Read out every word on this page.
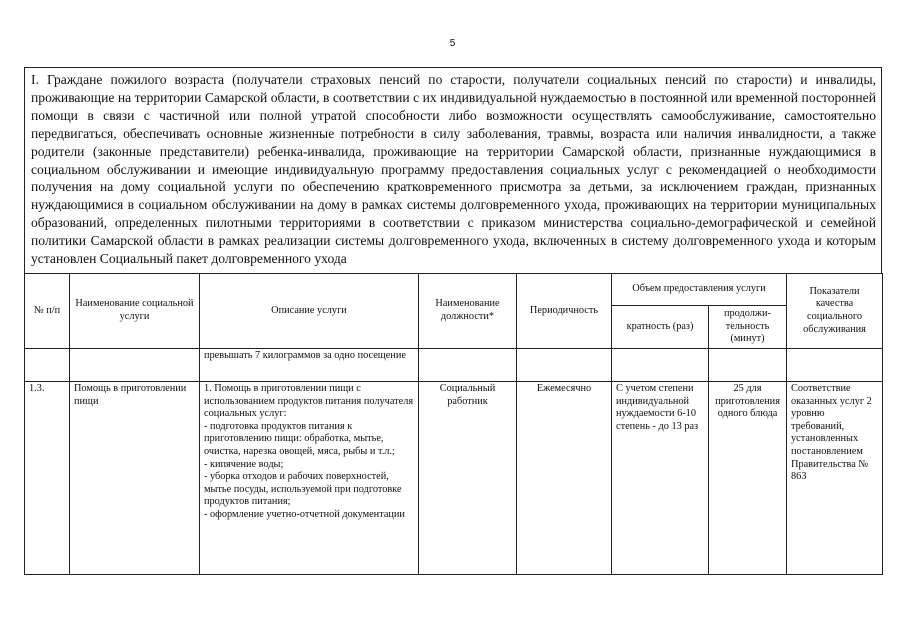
5
I. Граждане пожилого возраста (получатели страховых пенсий по старости, получатели социальных пенсий по старости) и инвалиды, проживающие на территории Самарской области, в соответствии с их индивидуальной нуждаемостью в постоянной или временной посторонней помощи в связи с частичной или полной утратой способности либо возможности осуществлять самообслуживание, самостоятельно передвигаться, обеспечивать основные жизненные потребности в силу заболевания, травмы, возраста или наличия инвалидности, а также родители (законные представители) ребенка-инвалида, проживающие на территории Самарской области, признанные нуждающимися в социальном обслуживании и имеющие индивидуальную программу предоставления социальных услуг с рекомендацией о необходимости получения на дому социальной услуги по обеспечению кратковременного присмотра за детьми, за исключением граждан, признанных нуждающимися в социальном обслуживании на дому в рамках системы долговременного ухода, проживающих на территории муниципальных образований, определенных пилотными территориями в соответствии с приказом министерства социально-демографической и семейной политики Самарской области в рамках реализации системы долговременного ухода, включенных в систему долговременного ухода и которым установлен Социальный пакет долговременного ухода
№ п/п	Наименование социальной услуги	Описание услуги	Наименование должности*	Периодичность	Объем предоставления услуги		Показатели качества социального обслуживания
					кратность (раз)	продолжи-тельность (минут)	
		превышать 7 килограммов за одно посещение					
1.3.	Помощь в приготовлении пищи	1. Помощь в приготовлении пищи с использованием продуктов питания получателя социальных услуг:
- подготовка продуктов питания к приготовлению пищи: обработка, мытье, очистка, нарезка овощей, мяса, рыбы и т.л.;
- кипячение воды;
- уборка отходов и рабочих поверхностей, мытье посуды, используемой при подготовке продуктов питания;
- оформление учетно-отчетной документации	Социальный работник	Ежемесячно	С учетом степени индивидуальной нуждаемости 6-10 степень - до 13 раз	25 для приготовления одного блюда	Соответствие оказанных услуг 2 уровню требований, установленных постановлением Правительства № 863
